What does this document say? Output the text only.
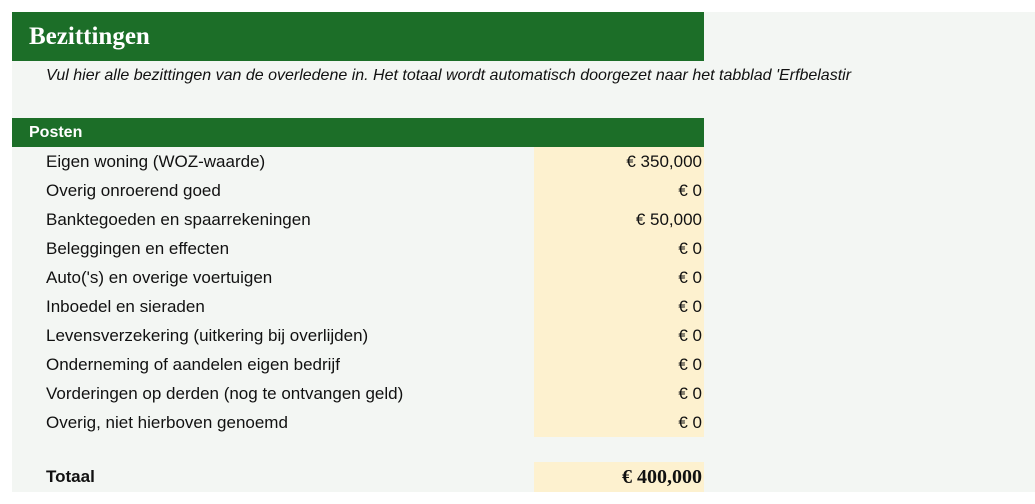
Bezittingen
Vul hier alle bezittingen van de overledene in. Het totaal wordt automatisch doorgezet naar het tabblad 'Erfbelastir
Posten
Eigen woning (WOZ-waarde)	€ 350,000
Overig onroerend goed	€ 0
Banktegoeden en spaarrekeningen	€ 50,000
Beleggingen en effecten	€ 0
Auto('s) en overige voertuigen	€ 0
Inboedel en sieraden	€ 0
Levensverzekering (uitkering bij overlijden)	€ 0
Onderneming of aandelen eigen bedrijf	€ 0
Vorderingen op derden (nog te ontvangen geld)	€ 0
Overig, niet hierboven genoemd	€ 0
Totaal	€ 400,000
